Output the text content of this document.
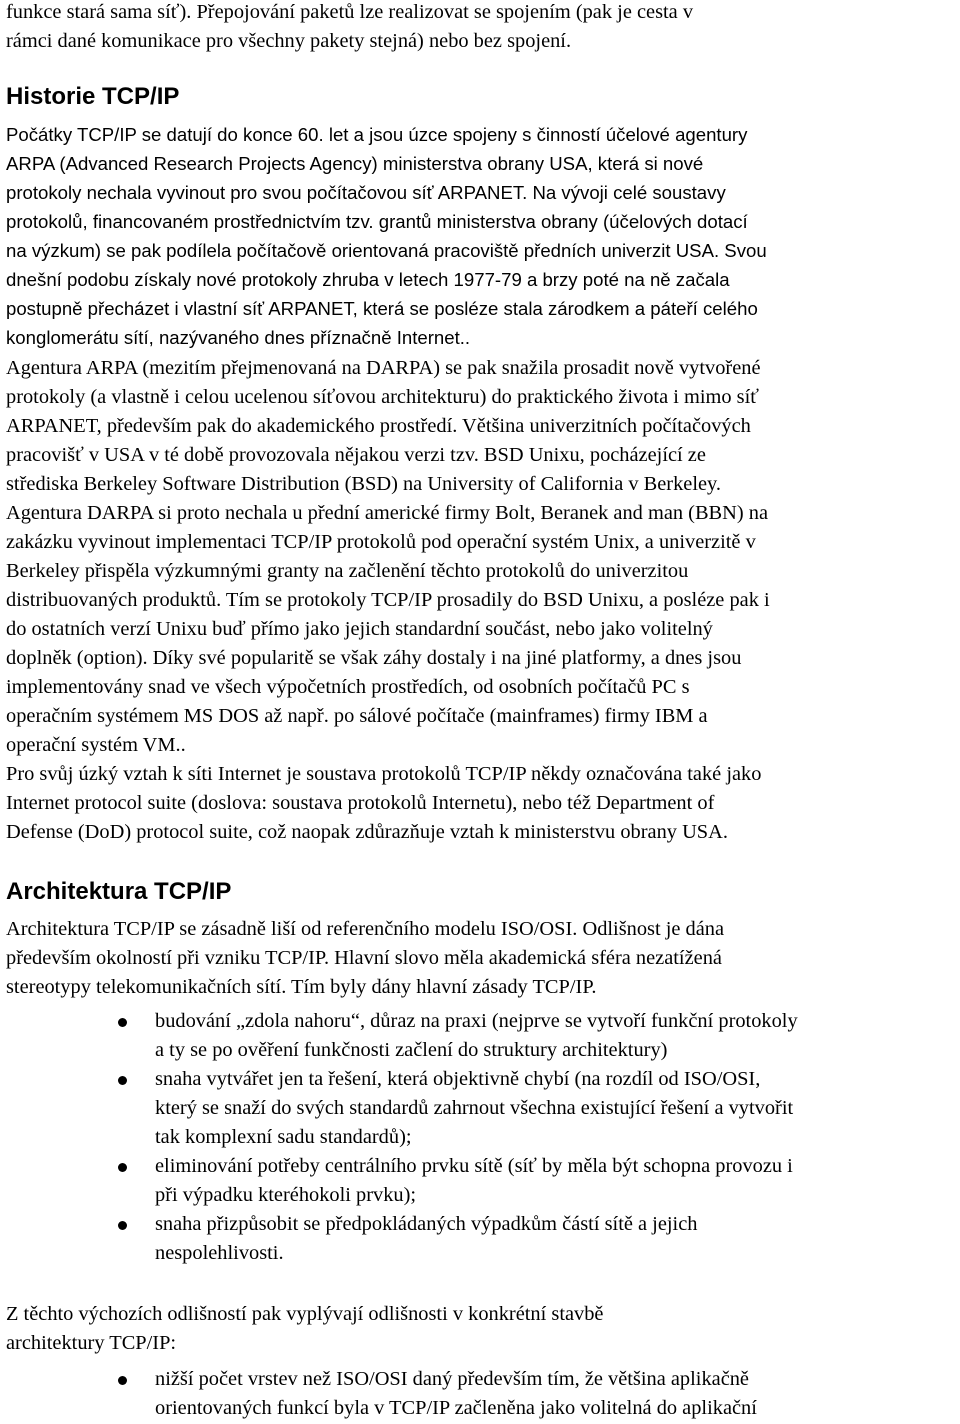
funkce stará sama síť). Přepojování paketů lze realizovat se spojením (pak je cesta v
rámci dané komunikace pro všechny pakety stejná) nebo bez spojení.
Historie TCP/IP
Počátky TCP/IP se datují do konce 60. let a jsou úzce spojeny s činností účelové agentury
ARPA (Advanced Research Projects Agency) ministerstva obrany USA, která si nové
protokoly nechala vyvinout pro svou počítačovou síť ARPANET. Na vývoji celé soustavy
protokolů, financovaném prostřednictvím tzv. grantů ministerstva obrany (účelových dotací
na výzkum) se pak podílela počítačově orientovaná pracoviště předních univerzit USA. Svou
dnešní podobu získaly nové protokoly zhruba v letech 1977-79 a brzy poté na ně začala
postupně přecházet i vlastní síť ARPANET, která se posléze stala zárodkem a páteří celého
konglomerátu sítí, nazývaného dnes příznačně Internet..
Agentura ARPA (mezitím přejmenovaná na DARPA) se pak snažila prosadit nově vytvořené
protokoly (a vlastně i celou ucelenou síťovou architekturu) do praktického života i mimo síť
ARPANET, především pak do akademického prostředí. Většina univerzitních počítačových
pracovišť v USA v té době provozovala nějakou verzi tzv. BSD Unixu, pocházející ze
střediska Berkeley Software Distribution (BSD) na University of California v Berkeley.
Agentura DARPA si proto nechala u přední americké firmy Bolt, Beranek and man (BBN) na
zakázku vyvinout implementaci TCP/IP protokolů pod operační systém Unix, a univerzitě v
Berkeley přispěla výzkumnými granty na začlenění těchto protokolů do univerzitou
distribuovaných produktů. Tím se protokoly TCP/IP prosadily do BSD Unixu, a posléze pak i
do ostatních verzí Unixu buď přímo jako jejich standardní součást, nebo jako volitelný
doplněk (option). Díky své popularitě se však záhy dostaly i na jiné platformy, a dnes jsou
implementovány snad ve všech výpočetních prostředích, od osobních počítačů PC s
operačním systémem MS DOS až např. po sálové počítače (mainframes) firmy IBM a
operační systém VM..
Pro svůj úzký vztah k síti Internet je soustava protokolů TCP/IP někdy označována také jako
Internet protocol suite (doslova: soustava protokolů Internetu), nebo též Department of
Defense (DoD) protocol suite, což naopak zdůrazňuje vztah k ministerstvu obrany USA.
Architektura TCP/IP
Architektura TCP/IP se zásadně liší od referenčního modelu ISO/OSI. Odlišnost je dána
především okolností při vzniku TCP/IP. Hlavní slovo měla akademická sféra nezatížená
stereotypy telekomunikačních sítí. Tím byly dány hlavní zásady TCP/IP.
budování „zdola nahoru“, důraz na praxi (nejprve se vytvoří funkční protokoly
a ty se po ověření funkčnosti začlení do struktury architektury)
snaha vytvářet jen ta řešení, která objektivně chybí (na rozdíl od ISO/OSI,
který se snaží do svých standardů zahrnout všechna existující řešení a vytvořit
tak komplexní sadu standardů);
eliminování potřeby centrálního prvku sítě (síť by měla být schopna provozu i
při výpadku kteréhokoli prvku);
snaha přizpůsobit se předpokládaných výpadkům částí sítě a jejich
nespolehlivosti.
Z těchto výchozích odlišností pak vyplývají odlišnosti v konkrétní stavbě
architektury TCP/IP:
nižší počet vrstev než ISO/OSI daný především tím, že většina aplikačně
orientovaných funkcí byla v TCP/IP začleněna jako volitelná do aplikační
